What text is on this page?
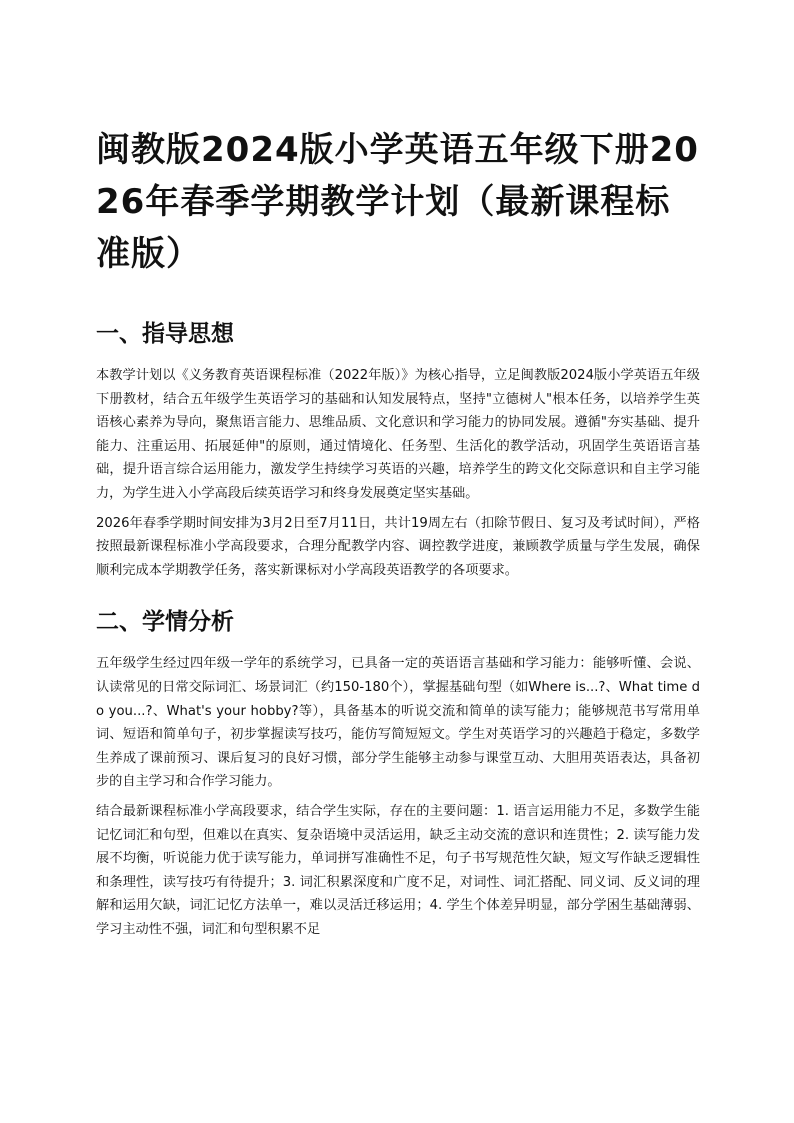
闽教版2024版小学英语五年级下册2026年春季学期教学计划（最新课程标准版）
一、指导思想

本教学计划以《义务教育英语课程标准（2022年版）》为核心指导，立足闽教版2024版小学英语五年级下册教材，结合五年级学生英语学习的基础和认知发展特点，坚持"立德树人"根本任务，以培养学生英语核心素养为导向，聚焦语言能力、思维品质、文化意识和学习能力的协同发展。遵循"夯实基础、提升能力、注重运用、拓展延伸"的原则，通过情境化、任务型、生活化的教学活动，巩固学生英语语言基础，提升语言综合运用能力，激发学生持续学习英语的兴趣，培养学生的跨文化交际意识和自主学习能力，为学生进入小学高段后续英语学习和终身发展奠定坚实基础。

2026年春季学期时间安排为3月2日至7月11日，共计19周左右（扣除节假日、复习及考试时间），严格按照最新课程标准小学高段要求，合理分配教学内容、调控教学进度，兼顾教学质量与学生发展，确保顺利完成本学期教学任务，落实新课标对小学高段英语教学的各项要求。

二、学情分析

五年级学生经过四年级一学年的系统学习，已具备一定的英语语言基础和学习能力：能够听懂、会说、认读常见的日常交际词汇、场景词汇（约150-180个），掌握基础句型（如Where is...?、What time do you...?、What's your hobby?等），具备基本的听说交流和简单的读写能力；能够规范书写常用单词、短语和简单句子，初步掌握读写技巧，能仿写简短短文。学生对英语学习的兴趣趋于稳定，多数学生养成了课前预习、课后复习的良好习惯，部分学生能够主动参与课堂互动、大胆用英语表达，具备初步的自主学习和合作学习能力。

结合最新课程标准小学高段要求，结合学生实际，存在的主要问题：1. 语言运用能力不足，多数学生能记忆词汇和句型，但难以在真实、复杂语境中灵活运用，缺乏主动交流的意识和连贯性；2. 读写能力发展不均衡，听说能力优于读写能力，单词拼写准确性不足，句子书写规范性欠缺，短文写作缺乏逻辑性和条理性，读写技巧有待提升；3. 词汇积累深度和广度不足，对词性、词汇搭配、同义词、反义词的理解和运用欠缺，词汇记忆方法单一，难以灵活迁移运用；4. 学生个体差异明显，部分学困生基础薄弱、学习主动性不强，词汇和句型积累不足
